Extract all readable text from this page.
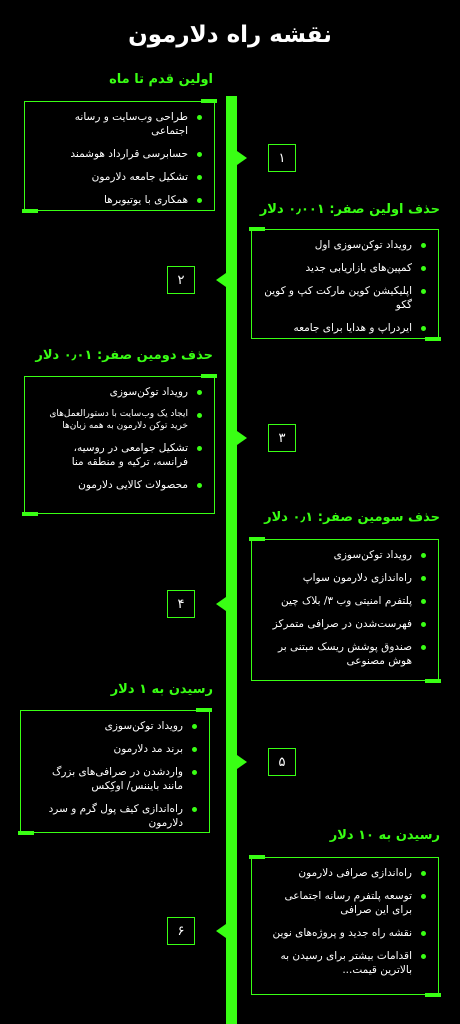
نقشه راه دلارمون
اولین قدم تا ماه
طراحی وب‌سایت و رسانه اجتماعی
حسابرسی قرارداد هوشمند
تشکیل جامعه دلارمون
همکاری با یوتیوبرها
۱
حذف اولین صفر: ۰٫۰۰۱ دلار
رویداد توکن‌سوزی اول
کمپین‌های بازاریابی جدید
اپلیکیشن کوین مارکت کپ و کوین گکو
ایردراپ و هدایا برای جامعه
۲
حذف دومین صفر: ۰٫۰۱ دلار
رویداد توکن‌سوزی
ایجاد یک وب‌سایت با دستورالعمل‌های خرید توکن دلارمون به همه زبان‌ها
تشکیل جوامعی در روسیه، فرانسه، ترکیه و منطقه منا
محصولات کالایی دلارمون
۳
حذف سومین صفر: ۰٫۱ دلار
رویداد توکن‌سوزی
راه‌اندازی دلارمون سواپ
پلتفرم امنیتی وب ۳/ بلاک چین
فهرست‌شدن در صرافی متمرکز
صندوق پوشش ریسک مبتنی بر هوش مصنوعی
۴
رسیدن به ۱ دلار
رویداد توکن‌سوزی
برند مد دلارمون
واردشدن در صرافی‌های بزرگ مانند بایننس/ اوکِکس
راه‌اندازی کیف پول گرم و سرد دلارمون
۵
رسیدن به ۱۰ دلار
راه‌اندازی صرافی دلارمون
توسعه پلتفرم رسانه اجتماعی برای این صرافی
نقشه راه جدید و پروژه‌های نوین
اقدامات بیشتر برای رسیدن به بالاترین قیمت...
۶
